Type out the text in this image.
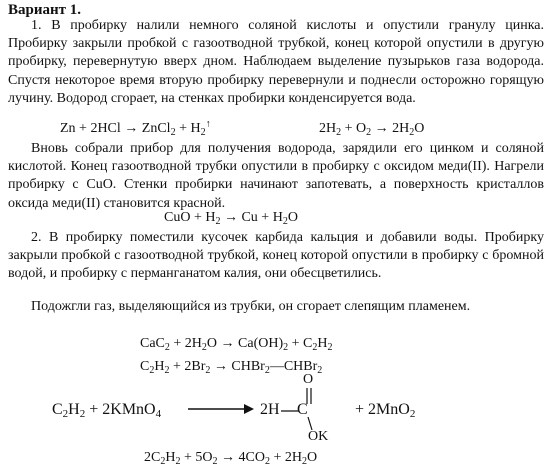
Вариант 1.

1. В пробирку налили немного соляной кислоты и опустили гранулу цинка. Пробирку закрыли пробкой с газоотводной трубкой, конец которой опустили в другую пробирку, перевернутую вверх дном. Наблюдаем выделение пузырьков газа водорода. Спустя некоторое время вторую пробирку перевернули и поднесли осторожно горящую лучину. Водород сгорает, на стенках пробирки конденсируется вода.

Zn + 2HCl → ZnCl$_2$ + $H_2^↑$	$2H_2 + O_2 \to 2H_2O$

Вновь собрали прибор для получения водорода, зарядили его цинком и соляной кислотой. Конец газоотводной трубки опустили в пробирку с оксидом меди(II). Нагрели пробирку с CuO. Стенки пробирки начинают запотевать, а поверхность кристаллов оксида меди(II) становится красной.

CuO + $H_2 \to Cu + H_2O$

2. В пробирку поместили кусочек карбида кальция и добавили воды. Пробирку закрыли пробкой с газоотводной трубкой, конец которой опустили в пробирку с бромной водой, и пробирку с перманганатом калия, они обесцветились.

Подожгли газ, выделяющийся из трубки, он сгорает слепящим пламенем.

$CaC_2 + 2H_2O \to Ca(OH)_2 + C_2H_2$
$C_2H_2 + 2Br_2$ → CHBr$_2$—CHBr$_2$
$C_2H_2$ + 2KMnO$_4$	2H C
O
OK
+ 2MnO$_2$
$2C_2H_2 + 5O_2 \to 4CO_2 + 2H_2O$
